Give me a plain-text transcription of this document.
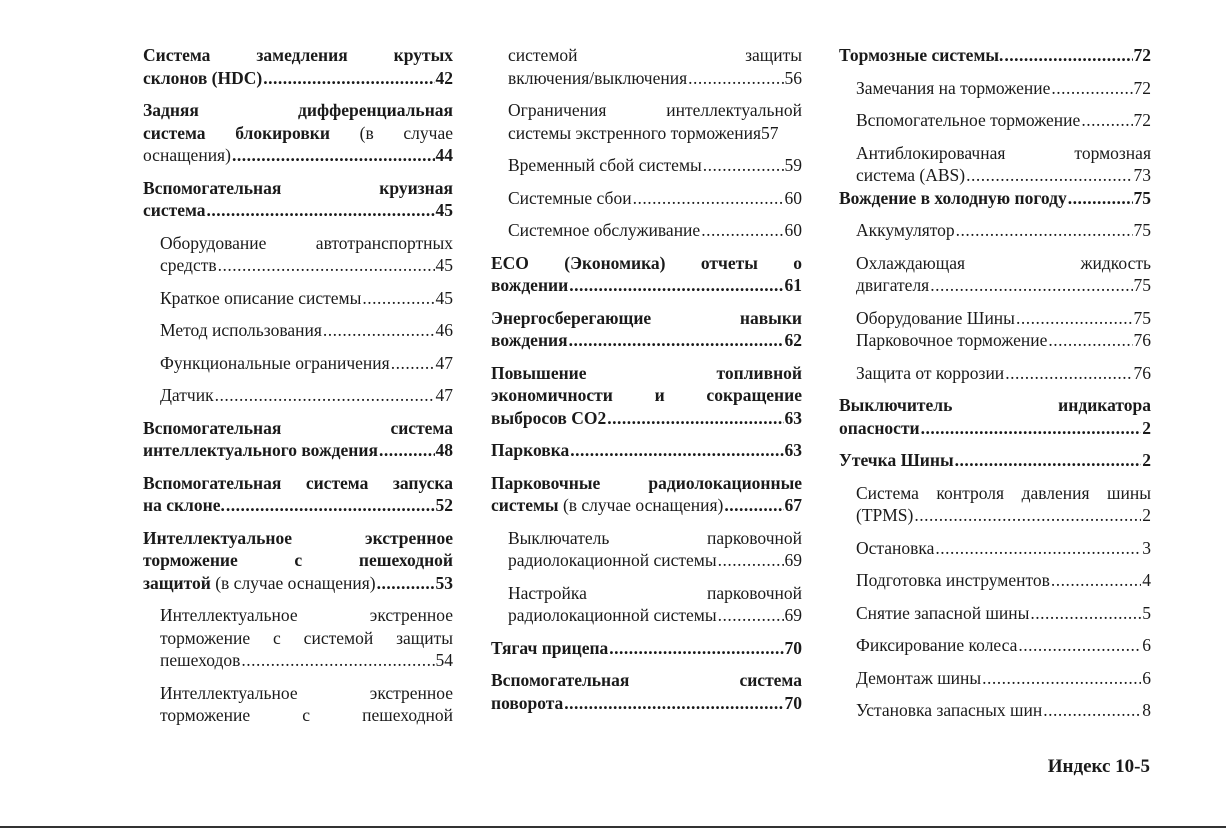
Система замедления крутых
склонов (HDC) .....	42
Задняя дифференциальная
система блокировки (в случае
оснащения) .....	44
Вспомогательная круизная
система .....	45
Оборудование автотранспортных
средств .....	45
Краткое описание системы .....	45
Метод использования .....	46
Функциональные ограничения .....	47
Датчик .....	47
Вспомогательная система
интеллектуального вождения .....	48
Вспомогательная система запуска
на склоне. .....	52
Интеллектуальное экстренное
торможение с пешеходной
защитой (в случае оснащения) .....	53
Интеллектуальное экстренное
торможение с системой защиты
пешеходов .....	54
Интеллектуальное экстренное
торможение с пешеходной
системой защиты
включения/выключения .....	56
Ограничения интеллектуальной
системы экстренного торможения 57
Временный сбой системы .....	59
Системные сбои .....	60
Системное обслуживание .....	60
ECO (Экономика) отчеты о
вождении .....	61
Энергосберегающие навыки
вождения .....	62
Повышение топливной
экономичности и сокращение
выбросов CO2 .....	63
Парковка .....	63
Парковочные радиолокационные
системы (в случае оснащения) .....	67
Выключатель парковочной
радиолокационной системы .....	69
Настройка парковочной
радиолокационной системы .....	69
Тягач прицепа .....	70
Вспомогательная система
поворота .....	70
Тормозные системы. .....	72
Замечания на торможение .....	72
Вспомогательное торможение .....	72
Антиблокировачная тормозная
система (ABS) .....	73
Вождение в холодную погоду .....	75
Аккумулятор .....	75
Охлаждающая жидкость
двигателя .....	75
Оборудование Шины .....	75
Парковочное торможение .....	76
Защита от коррозии .....	76
Выключитель индикатора
опасности .....	2
Утечка Шины .....	2
Система контроля давления шины
(TPMS) .....	2
Остановка .....	3
Подготовка инструментов .....	4
Снятие запасной шины .....	5
Фиксирование колеса .....	6
Демонтаж шины .....	6
Установка запасных шин .....	8
Индекс 10-5
